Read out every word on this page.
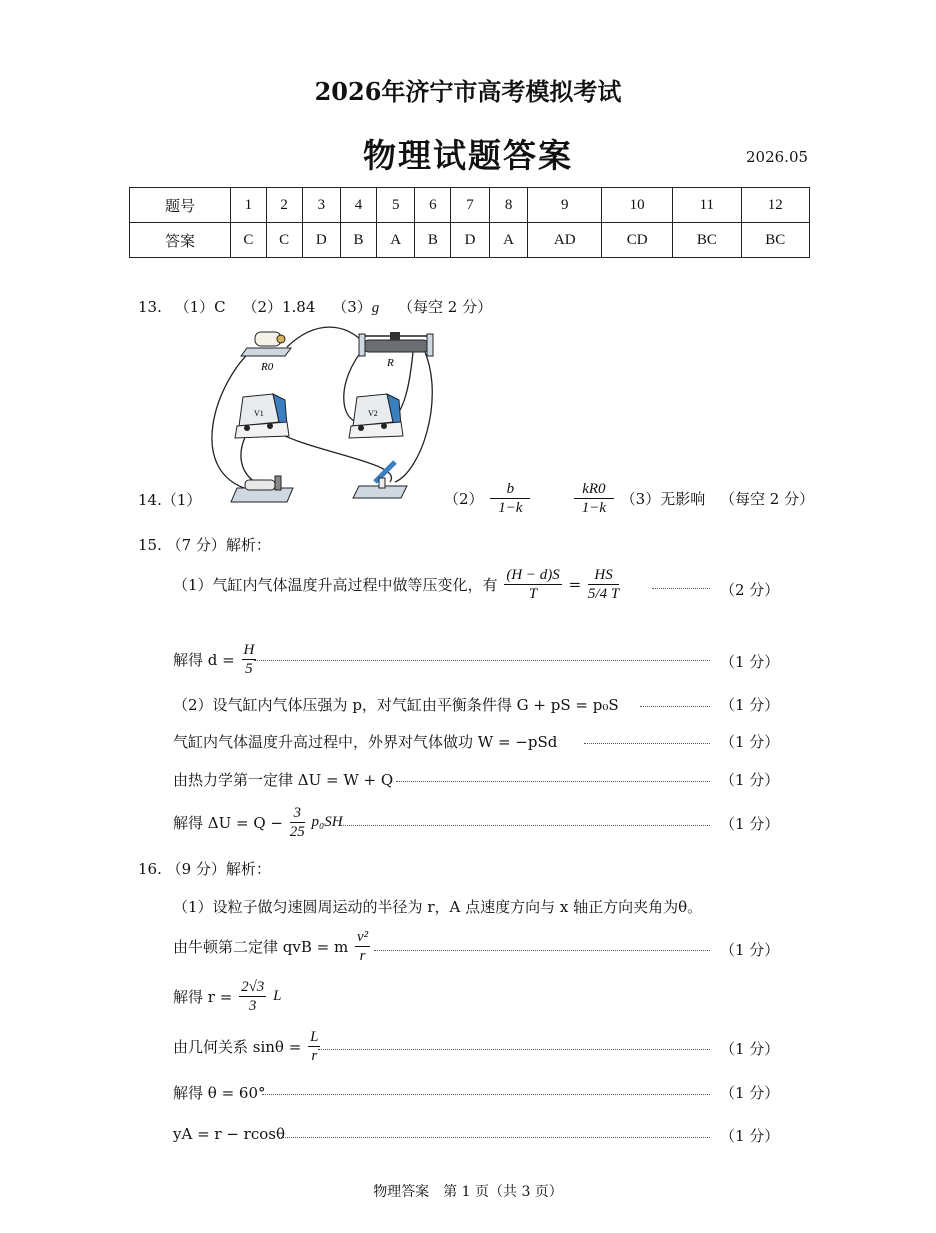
2026年济宁市高考模拟考试
物理试题答案	2026.05
题号	1	2	3	4	5	6	7	8	9	10	11	12
答案	C	C	D	B	A	B	D	A	AD	CD	BC	BC
13. （1）C （2）1.84 （3）g （每空 2 分）
R0	R
V1	V2
14.（1）	$(2) \frac{b}{1-k}$
	$\frac{kR0}{1-k} (3)$无影响 （每空 2 分）
15. （7 分）解析：
（1）气缸内气体温度升高过程中做等压变化，有 $\frac{(H - d)S}{T} = \frac{HS}{5/4 T}$	（2 分）
解得 $d = \frac{H}{5}$	（1 分）
（2）设气缸内气体压强为 p，对气缸由平衡条件得 G + pS = p₀S	（1 分）
气缸内气体温度升高过程中，外界对气体做功 W = −pSd	（1 分）
由热力学第一定律 ΔU = W + Q	（1 分）
解得 $\Delta U = Q - \frac{3}{25} p_0SH$	（1 分）
16. （9 分）解析：
（1）设粒子做匀速圆周运动的半径为 r，A 点速度方向与 x 轴正方向夹角为θ。
由牛顿第二定律 qvB = m $\frac{\text{v²}}{r}$	（1 分）
解得 $r = \frac{2√3}{3}$ L
由几何关系 $\sin\theta = \frac{L}{r}$	（1 分）
解得 θ = 60°	（1 分）
yA = r − rcosθ	（1 分）
物理答案　第 1 页（共 3 页）
